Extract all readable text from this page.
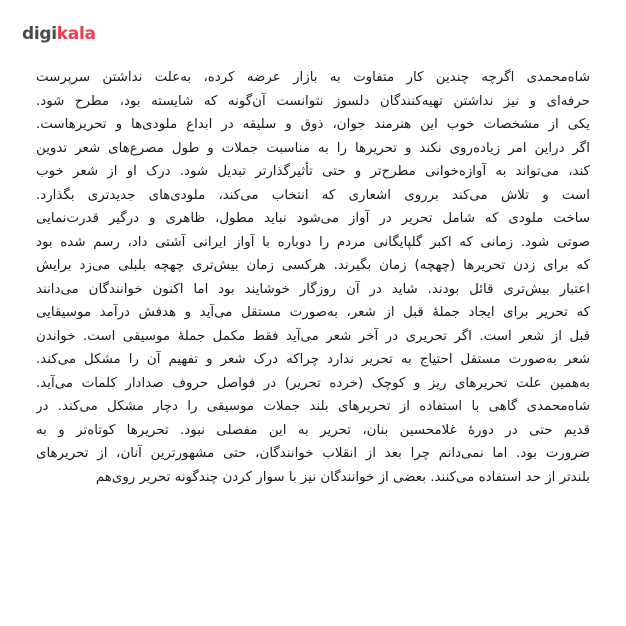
digikala
شاه‌محمدی اگرچه چندین کار متفاوت به بازار عرضه کرده، به‌علت نداشتن سرپرست
حرفه‌ای و نیز نداشتن تهیه‌کنندگان دلسوز نتوانست آن‌گونه که شایسته بود، مطرح شود.
یکی از مشخصات خوب این هنرمند جوان، ذوق و سلیقه در ابداع ملودی‌ها و تحریرهاست.
اگر دراین امر زیاده‌روی نکند و تحریرها را به مناسبت جملات و طول مصرع‌های شعر تدوین
کند، می‌تواند به آوازه‌خوانی مطرح‌تر و حتی تأثیرگذارتر تبدیل شود. درک او از شعر خوب
است و تلاش می‌کند برروی اشعاری که انتخاب می‌کند، ملودی‌های جدیدتری بگذارد.
ساخت ملودی که شامل تحریر در آواز می‌شود نباید مطول، ظاهری و درگیر قدرت‌نمایی
صوتی شود. زمانی که اکبر گلپایگانی مردم را دوباره با آواز ایرانی آشتی داد، رسم شده بود
که برای زدن تحریرها (چهچه) زمان بگیرند. هرکسی زمان بیش‌تری چهچه بلبلی می‌زد برایش
اعتبار بیش‌تری قائل بودند. شاید در آن روزگار خوشایند بود اما اکنون خوانندگان می‌دانند
که تحریر برای ایجاد جملهٔ قبل از شعر، به‌صورت مستقل می‌آید و هدفش درآمد موسیقایی
قبل از شعر است. اگر تحریری در آخر شعر می‌آید فقط مکمل جملهٔ موسیقی است. خواندن
شعر به‌صورت مستقل احتیاج به تحریر ندارد چراکه درک شعر و تفهیم آن را مشکل می‌کند.
به‌همین علت تحریرهای ریز و کوچک (خرده تحریر) در فواصل حروف صدادار کلمات می‌آید.
شاه‌محمدی گاهی با استفاده از تحریرهای بلند جملات موسیقی را دچار مشکل می‌کند. در
قدیم حتی در دورهٔ غلامحسین بنان، تحریر به این مفصلی نبود. تحریرها کوتاه‌تر و به
ضرورت بود. اما نمی‌دانم چرا بعد از انقلاب خوانندگان، حتی مشهورترین آنان، از تحریرهای
بلندتر از حد استفاده می‌کنند. بعضی از خوانندگان نیز با سوار کردن چندگونه تحریر روی‌هم
